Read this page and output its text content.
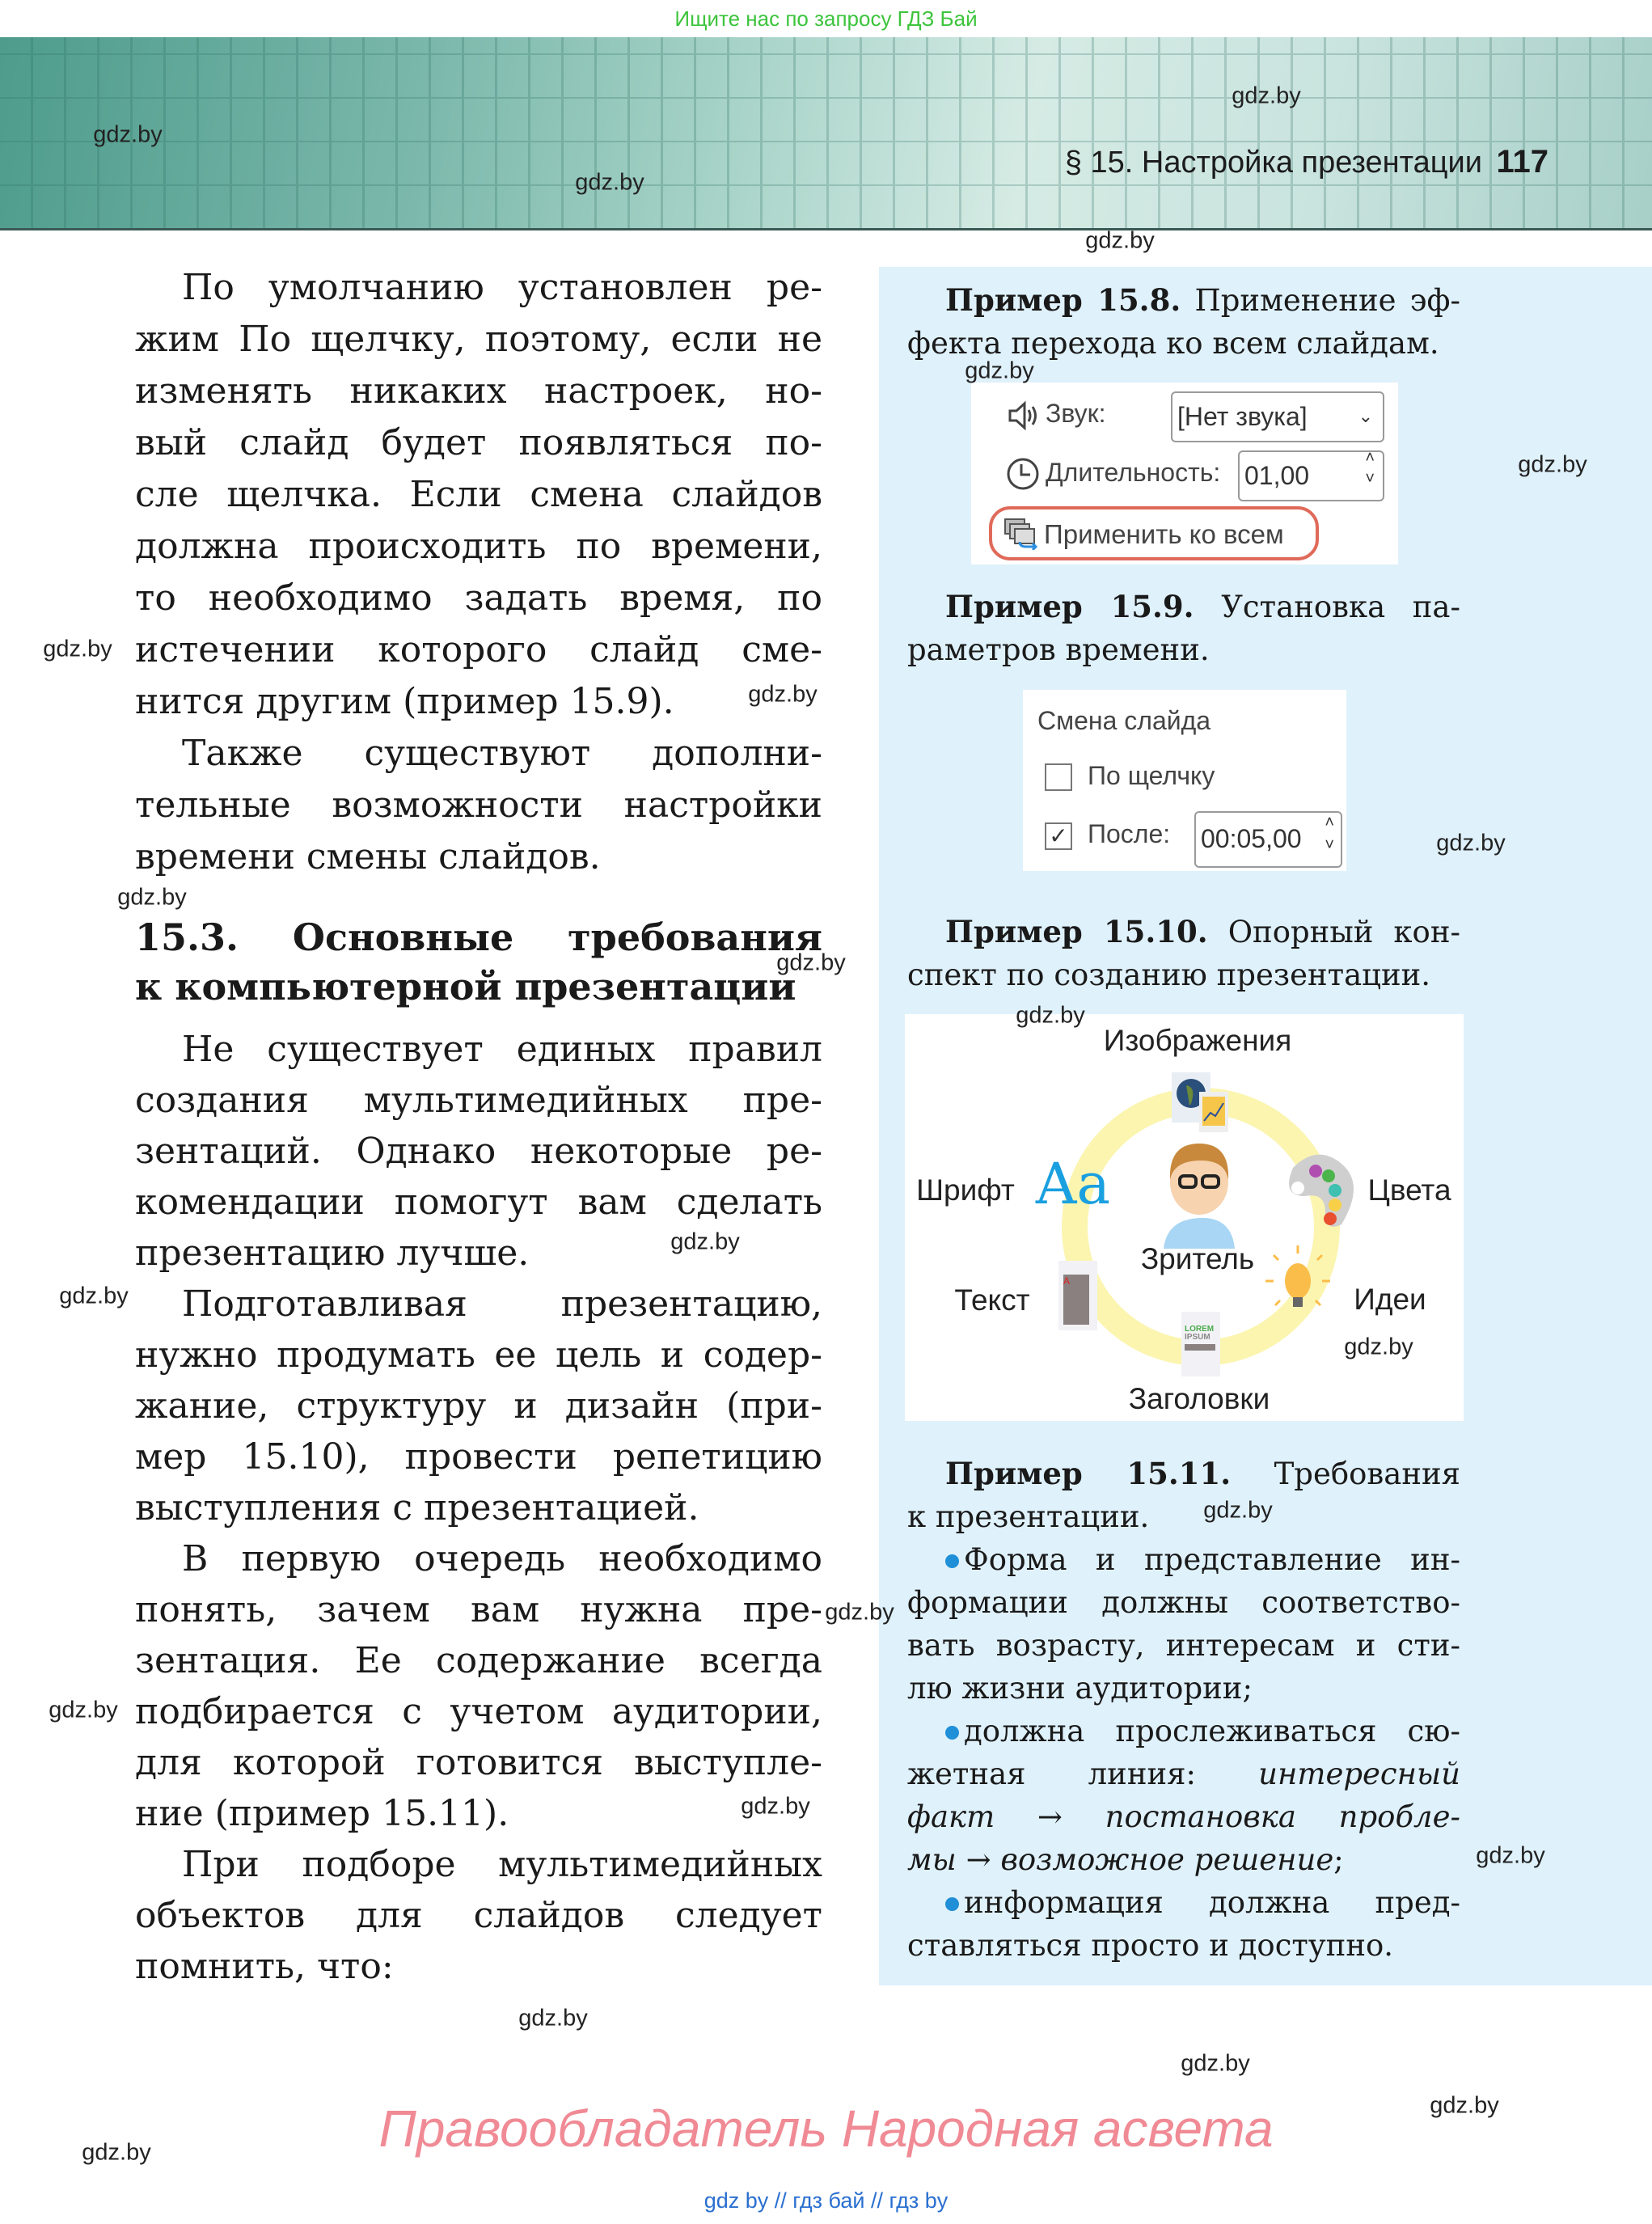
Ищите нас по запросу ГДЗ Бай
§ 15. Настройка презентации 117
По умолчанию установлен ре-
жим По щелчку, поэтому, если не
изменять никаких настроек, но-
вый слайд будет появляться по-
сле щелчка. Если смена слайдов
должна происходить по времени,
то необходимо задать время, по
истечении которого слайд сме-
нится другим (пример 15.9).
Также существуют дополни-
тельные возможности настройки
времени смены слайдов.
15.3. Основные требования
к компьютерной презентации
Не существует единых правил
создания мультимедийных пре-
зентаций. Однако некоторые ре-
комендации помогут вам сделать
презентацию лучше.
Подготавливая презентацию,
нужно продумать ее цель и содер-
жание, структуру и дизайн (при-
мер 15.10), провести репетицию
выступления с презентацией.
В первую очередь необходимо
понять, зачем вам нужна пре-
зентация. Ее содержание всегда
подбирается с учетом аудитории,
для которой готовится выступле-
ние (пример 15.11).
При подборе мультимедийных
объектов для слайдов следует
помнить, что:
Пример 15.8. Применение эф-
фекта перехода ко всем слайдам.
Пример 15.9. Установка па-
раметров времени.
Пример 15.10. Опорный кон-
спект по созданию презентации.
Пример 15.11. Требования
к презентации.
Форма и представление ин-
формации должны соответство-
вать возрасту, интересам и сти-
лю жизни аудитории;
должна прослеживаться сю-
жетная линия: интересный
факт → постановка пробле-
мы → возможное решение;
информация должна пред-
ставляться просто и доступно.
Звук:	[Нет звука]	⌄
Длительность: 01,00
˄
˅
Применить ко всем
Смена слайда
По щелчку
✓ После: 00:05,00
˄
˅
A
LOREM
IPSUM
Изображения
Шрифт Aa	Цвета
Зритель
Текст	Идеи
Заголовки
gdz.by
gdz.by
gdz.by
gdz.by
gdz.by
gdz.by
gdz.by
gdz.by
gdz.by
gdz.by
gdz.by
gdz.by
gdz.by
gdz.by
gdz.by
gdz.by
gdz.by
gdz.by
gdz.by
gdz.by
gdz.by
gdz.by
gdz.by
gdz.by	Правообладатель Народная асвета
gdz by // гдз бай // гдз by
